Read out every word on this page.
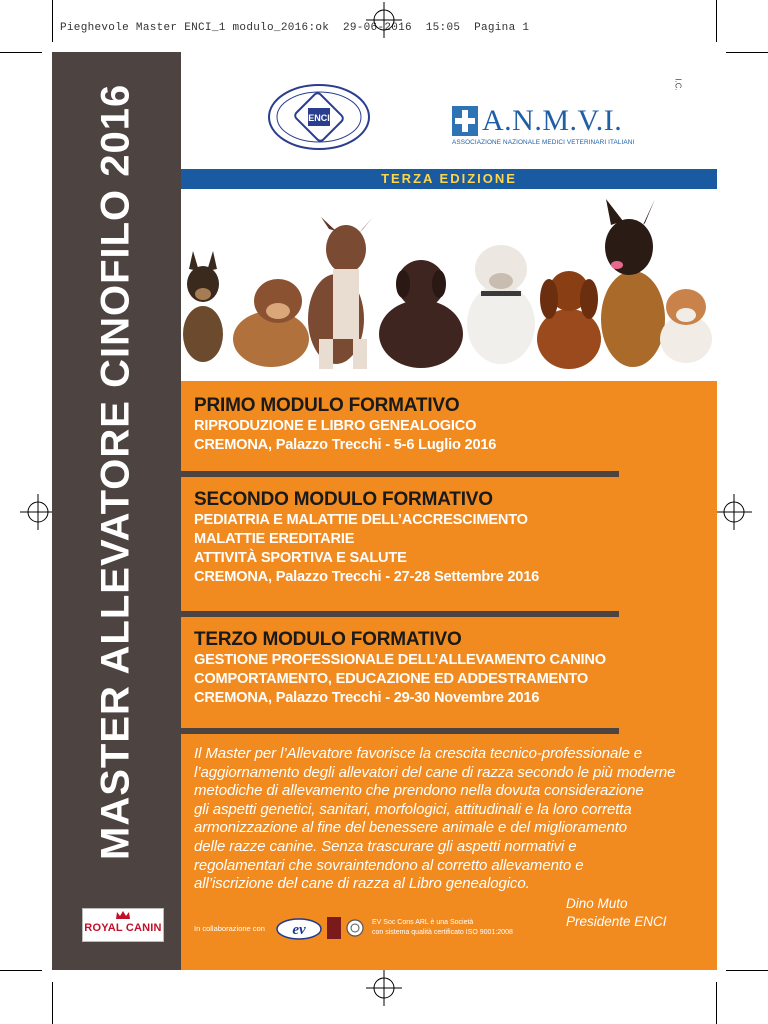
Pieghevole Master ENCI_1 modulo_2016:ok  29-06-2016  15:05  Pagina 1
MASTER ALLEVATORE CINOFILO 2016
ROYAL CANIN
I.C.
ENCI	A.N.M.V.I.
ASSOCIAZIONE NAZIONALE MEDICI VETERINARI ITALIANI
TERZA EDIZIONE
PRIMO MODULO FORMATIVO
RIPRODUZIONE E LIBRO GENEALOGICO
CREMONA, Palazzo Trecchi - 5-6 Luglio 2016
SECONDO MODULO FORMATIVO
PEDIATRIA E MALATTIE DELL’ACCRESCIMENTO
MALATTIE EREDITARIE
ATTIVITÀ SPORTIVA E SALUTE
CREMONA, Palazzo Trecchi - 27-28 Settembre 2016
TERZO MODULO FORMATIVO
GESTIONE PROFESSIONALE DELL’ALLEVAMENTO CANINO
COMPORTAMENTO, EDUCAZIONE ED ADDESTRAMENTO
CREMONA, Palazzo Trecchi - 29-30 Novembre 2016
Il Master per l’Allevatore favorisce la crescita tecnico-professionale e
l’aggiornamento degli allevatori del cane di razza secondo le più moderne
metodiche di allevamento che prendono nella dovuta considerazione
gli aspetti genetici, sanitari, morfologici, attitudinali e la loro corretta
armonizzazione al fine del benessere animale e del miglioramento
delle razze canine. Senza trascurare gli aspetti normativi e
regolamentari che sovraintendono al corretto allevamento e
all’iscrizione del cane di razza al Libro genealogico.
Dino Muto
Presidente ENCI
In collaborazione con ev	EV Soc Cons ARL è una Società
con sistema qualità certificato ISO 9001:2008
